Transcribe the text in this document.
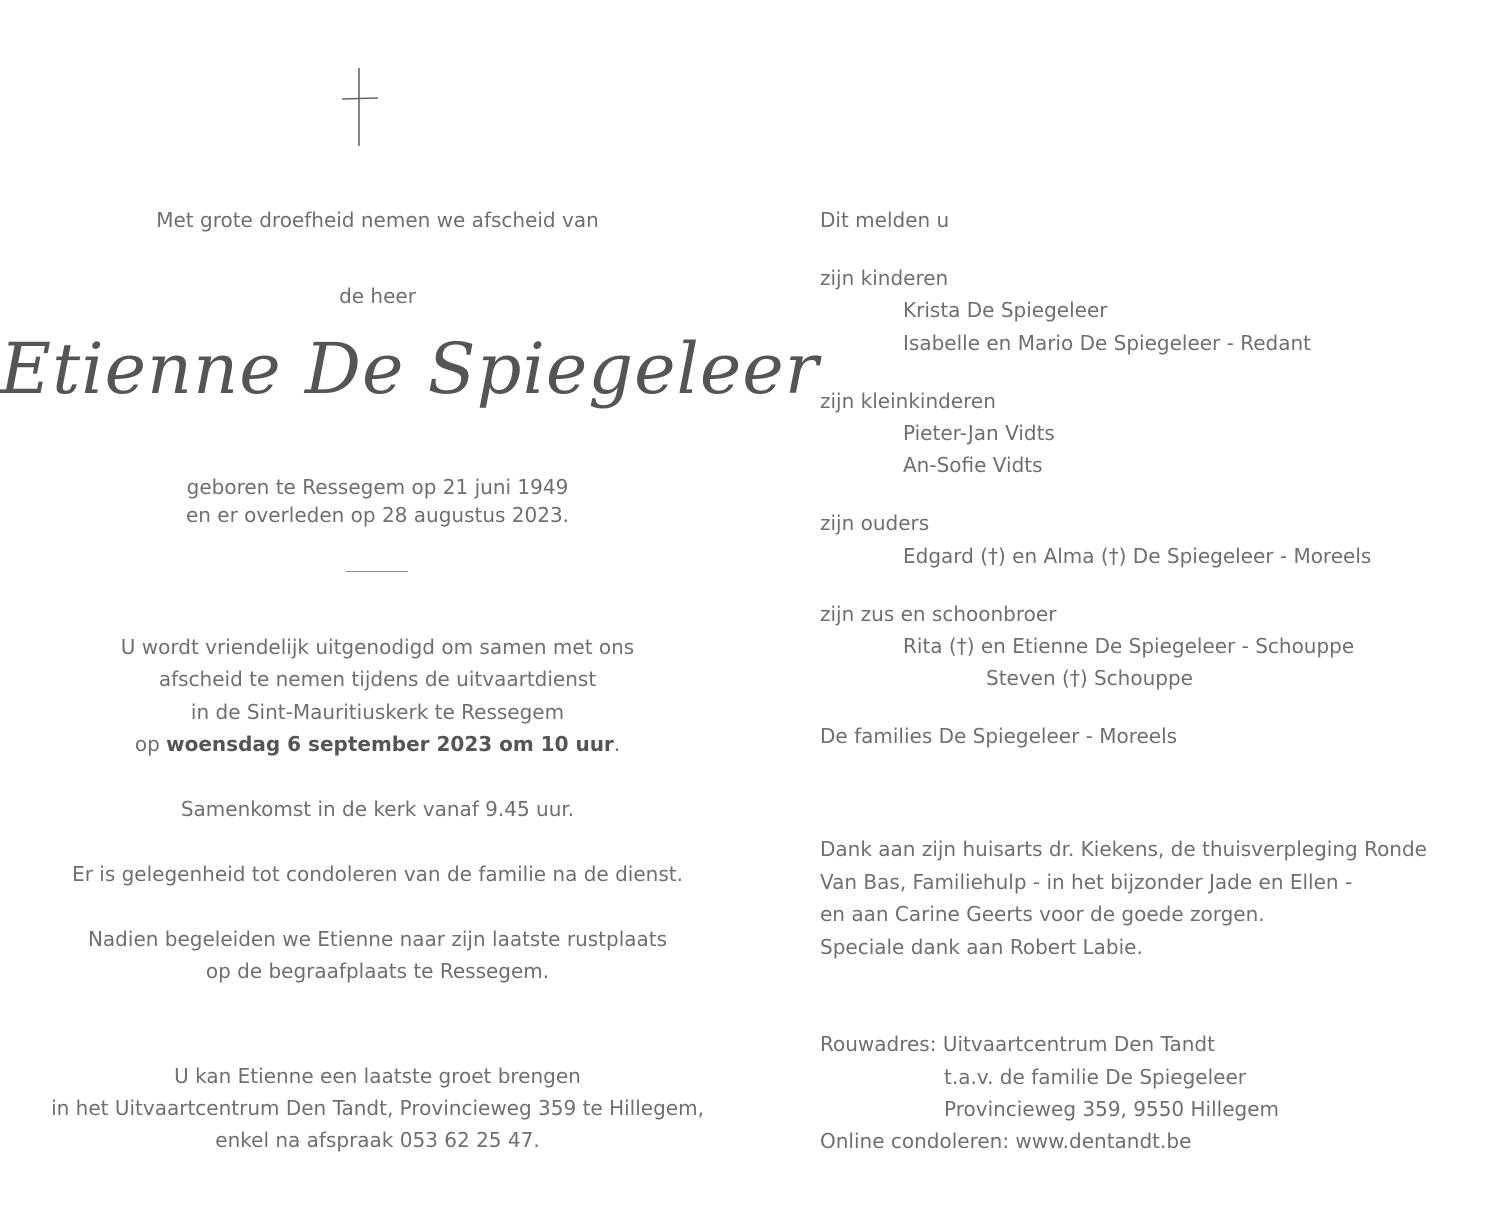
Met grote droefheid nemen we afscheid van
de heer
Etienne De Spiegeleer
geboren te Ressegem op 21 juni 1949
en er overleden op 28 augustus 2023.
U wordt vriendelijk uitgenodigd om samen met ons
afscheid te nemen tijdens de uitvaartdienst
in de Sint-Mauritiuskerk te Ressegem
op woensdag 6 september 2023 om 10 uur.
Samenkomst in de kerk vanaf 9.45 uur.
Er is gelegenheid tot condoleren van de familie na de dienst.
Nadien begeleiden we Etienne naar zijn laatste rustplaats
op de begraafplaats te Ressegem.
U kan Etienne een laatste groet brengen
in het Uitvaartcentrum Den Tandt, Provincieweg 359 te Hillegem,
enkel na afspraak 053 62 25 47.
Dit melden u
zijn kinderen
Krista De Spiegeleer
Isabelle en Mario De Spiegeleer - Redant
zijn kleinkinderen
Pieter-Jan Vidts
An-Sofie Vidts
zijn ouders
Edgard (†) en Alma (†) De Spiegeleer - Moreels
zijn zus en schoonbroer
Rita (†) en Etienne De Spiegeleer - Schouppe
Steven (†) Schouppe
De families De Spiegeleer - Moreels
Dank aan zijn huisarts dr. Kiekens, de thuisverpleging Ronde
Van Bas, Familiehulp - in het bijzonder Jade en Ellen -
en aan Carine Geerts voor de goede zorgen.
Speciale dank aan Robert Labie.
Rouwadres: Uitvaartcentrum Den Tandt
t.a.v. de familie De Spiegeleer
Provincieweg 359, 9550 Hillegem
Online condoleren: www.dentandt.be
